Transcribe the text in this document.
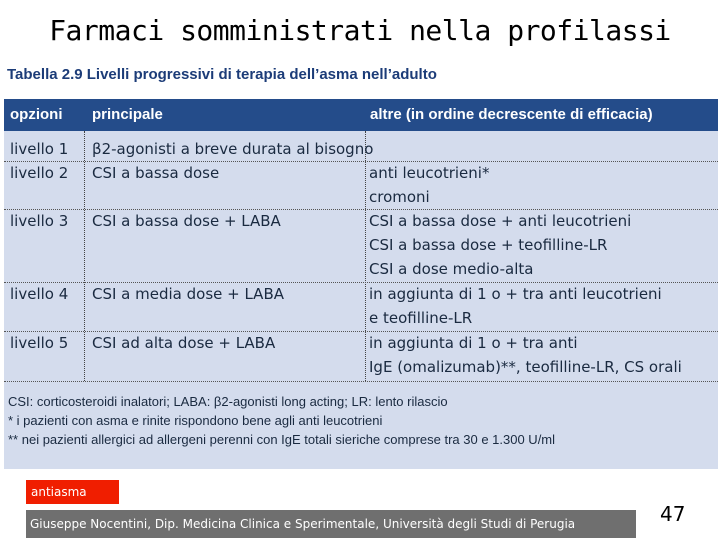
Farmaci somministrati nella profilassi
Tabella 2.9 Livelli progressivi di terapia dell’asma nell’adulto
opzioni principale	altre (in ordine decrescente di efficacia)
livello 1 β2-agonisti a breve durata al bisogno
livello 2 CSI a bassa dose	anti leucotrieni*
cromoni
livello 3 CSI a bassa dose + LABA	CSI a bassa dose + anti leucotrieni
CSI a bassa dose + teofilline-LR
CSI a dose medio-alta
livello 4 CSI a media dose + LABA	in aggiunta di 1 o + tra anti leucotrieni
e teofilline-LR
livello 5 CSI ad alta dose + LABA	in aggiunta di 1 o + tra anti
IgE (omalizumab)**, teofilline-LR, CS orali
CSI: corticosteroidi inalatori; LABA: β2-agonisti long acting; LR: lento rilascio
* i pazienti con asma e rinite rispondono bene agli anti leucotrieni
** nei pazienti allergici ad allergeni perenni con IgE totali sieriche comprese tra 30 e 1.300 U/ml
antiasma
Giuseppe Nocentini, Dip. Medicina Clinica e Sperimentale, Università degli Studi di Perugia	47
